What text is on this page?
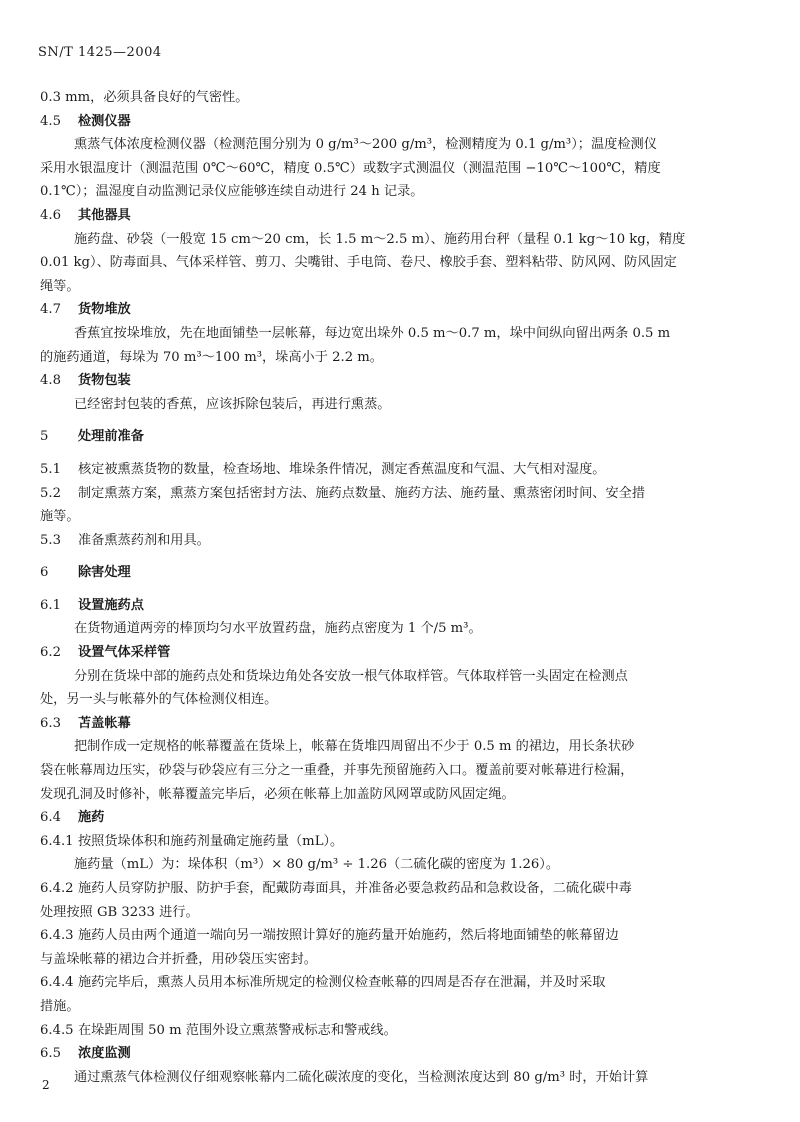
SN/T 1425—2004
0.3 mm，必须具备良好的气密性。
4.5 检测仪器
熏蒸气体浓度检测仪器（检测范围分别为 0 g/m³～200 g/m³，检测精度为 0.1 g/m³）；温度检测仪
采用水银温度计（测温范围 0℃～60℃，精度 0.5℃）或数字式测温仪（测温范围 −10℃～100℃，精度
0.1℃）；温湿度自动监测记录仪应能够连续自动进行 24 h 记录。
4.6 其他器具
施药盘、砂袋（一般宽 15 cm～20 cm，长 1.5 m～2.5 m）、施药用台秤（量程 0.1 kg～10 kg，精度
0.01 kg）、防毒面具、气体采样管、剪刀、尖嘴钳、手电筒、卷尺、橡胶手套、塑料粘带、防风网、防风固定
绳等。
4.7 货物堆放
香蕉宜按垛堆放，先在地面铺垫一层帐幕，每边宽出垛外 0.5 m～0.7 m，垛中间纵向留出两条 0.5 m
的施药通道，每垛为 70 m³～100 m³，垛高小于 2.2 m。
4.8 货物包装
已经密封包装的香蕉，应该拆除包装后，再进行熏蒸。
5 处理前准备
5.1 核定被熏蒸货物的数量，检查场地、堆垛条件情况，测定香蕉温度和气温、大气相对湿度。
5.2 制定熏蒸方案，熏蒸方案包括密封方法、施药点数量、施药方法、施药量、熏蒸密闭时间、安全措
施等。
5.3 准备熏蒸药剂和用具。
6 除害处理
6.1 设置施药点
在货物通道两旁的棒顶均匀水平放置药盘，施药点密度为 1 个/5 m³。
6.2 设置气体采样管
分别在货垛中部的施药点处和货垛边角处各安放一根气体取样管。气体取样管一头固定在检测点
处，另一头与帐幕外的气体检测仪相连。
6.3 苫盖帐幕
把制作成一定规格的帐幕覆盖在货垛上，帐幕在货堆四周留出不少于 0.5 m 的裙边，用长条状砂
袋在帐幕周边压实，砂袋与砂袋应有三分之一重叠，并事先预留施药入口。覆盖前要对帐幕进行检漏，
发现孔洞及时修补，帐幕覆盖完毕后，必须在帐幕上加盖防风网罩或防风固定绳。
6.4 施药
6.4.1 按照货垛体积和施药剂量确定施药量（mL）。
施药量（mL）为：垛体积（m³）× 80 g/m³ ÷ 1.26（二硫化碳的密度为 1.26）。
6.4.2 施药人员穿防护服、防护手套，配戴防毒面具，并准备必要急救药品和急救设备，二硫化碳中毒
处理按照 GB 3233 进行。
6.4.3 施药人员由两个通道一端向另一端按照计算好的施药量开始施药，然后将地面铺垫的帐幕留边
与盖垛帐幕的裙边合并折叠，用砂袋压实密封。
6.4.4 施药完毕后，熏蒸人员用本标准所规定的检测仪检查帐幕的四周是否存在泄漏，并及时采取
措施。
6.4.5 在垛距周围 50 m 范围外设立熏蒸警戒标志和警戒线。
6.5 浓度监测
通过熏蒸气体检测仪仔细观察帐幕内二硫化碳浓度的变化，当检测浓度达到 80 g/m³ 时，开始计算
2
